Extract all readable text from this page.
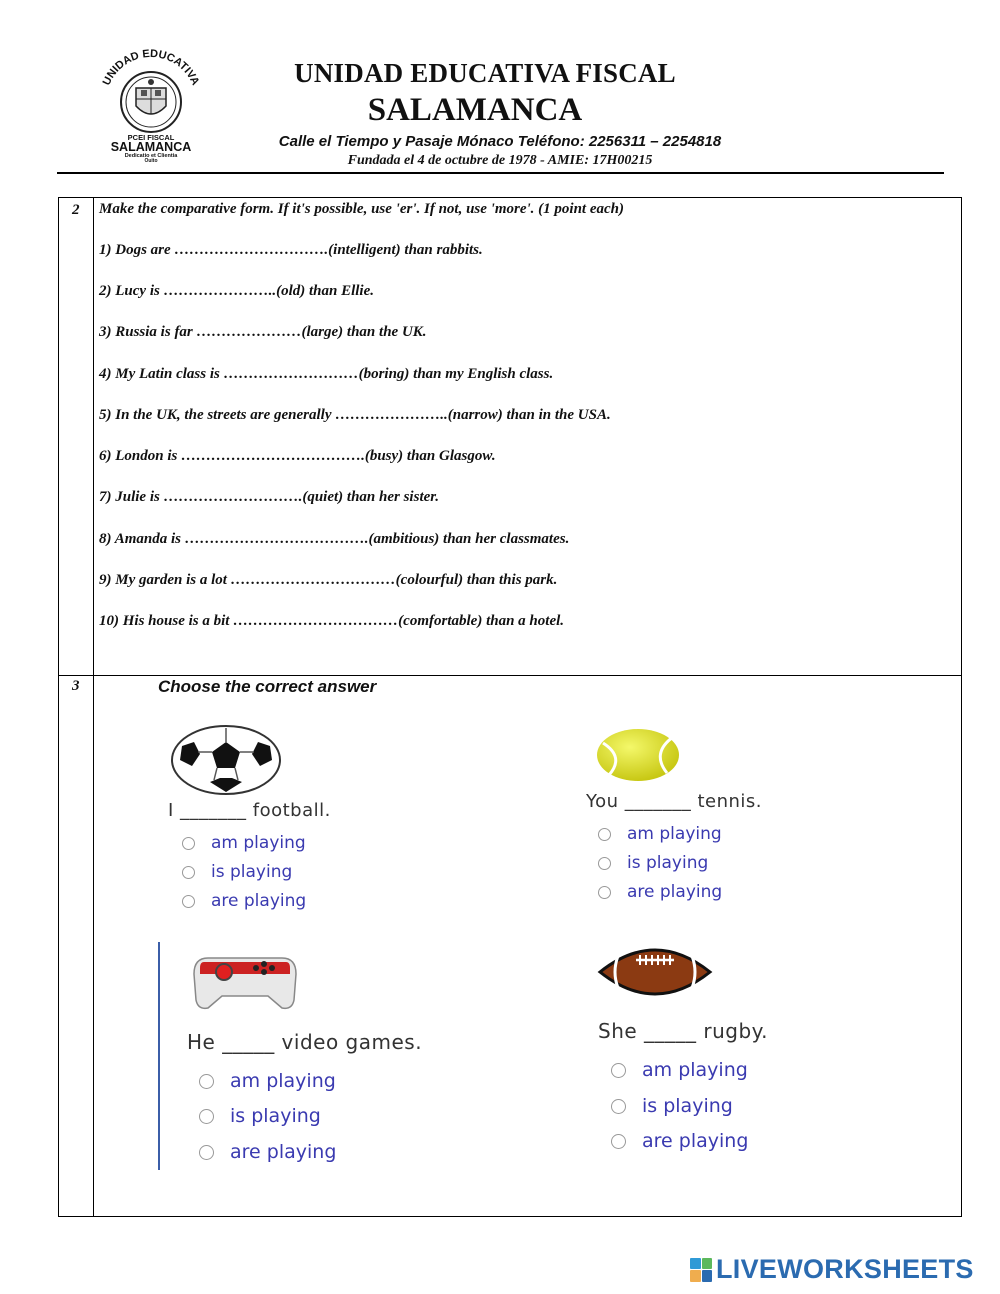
UNIDAD EDUCATIVA
PCEI FISCAL
SALAMANCA
Dedicatio et Clientia
Quito
UNIDAD EDUCATIVA FISCAL
SALAMANCA
Calle el Tiempo y Pasaje Mónaco Teléfono: 2256311 – 2254818
Fundada el 4 de octubre de 1978 - AMIE: 17H00215
2 Make the comparative form. If it's possible, use 'er'. If not, use 'more'. (1 point each)
1) Dogs are ………………………….(intelligent) than rabbits.
2) Lucy is …………………..(old) than Ellie.
3) Russia is far …………………(large) than the UK.
4) My Latin class is ………………………(boring) than my English class.
5) In the UK, the streets are generally …………………..(narrow) than in the USA.
6) London is ……………………………….(busy) than Glasgow.
7) Julie is ……………………….(quiet) than her sister.
8) Amanda is ……………………………….(ambitious) than her classmates.
9) My garden is a lot ……………………………(colourful) than this park.
10) His house is a bit ……………………………(comfortable) than a hotel.
3	Choose the correct answer
I _______ football.
am playing
is playing
are playing
You _______ tennis.
am playing
is playing
are playing
He _____ video games.
am playing
is playing
are playing
She _____ rugby.
am playing
is playing
are playing
LIVEWORKSHEETS
